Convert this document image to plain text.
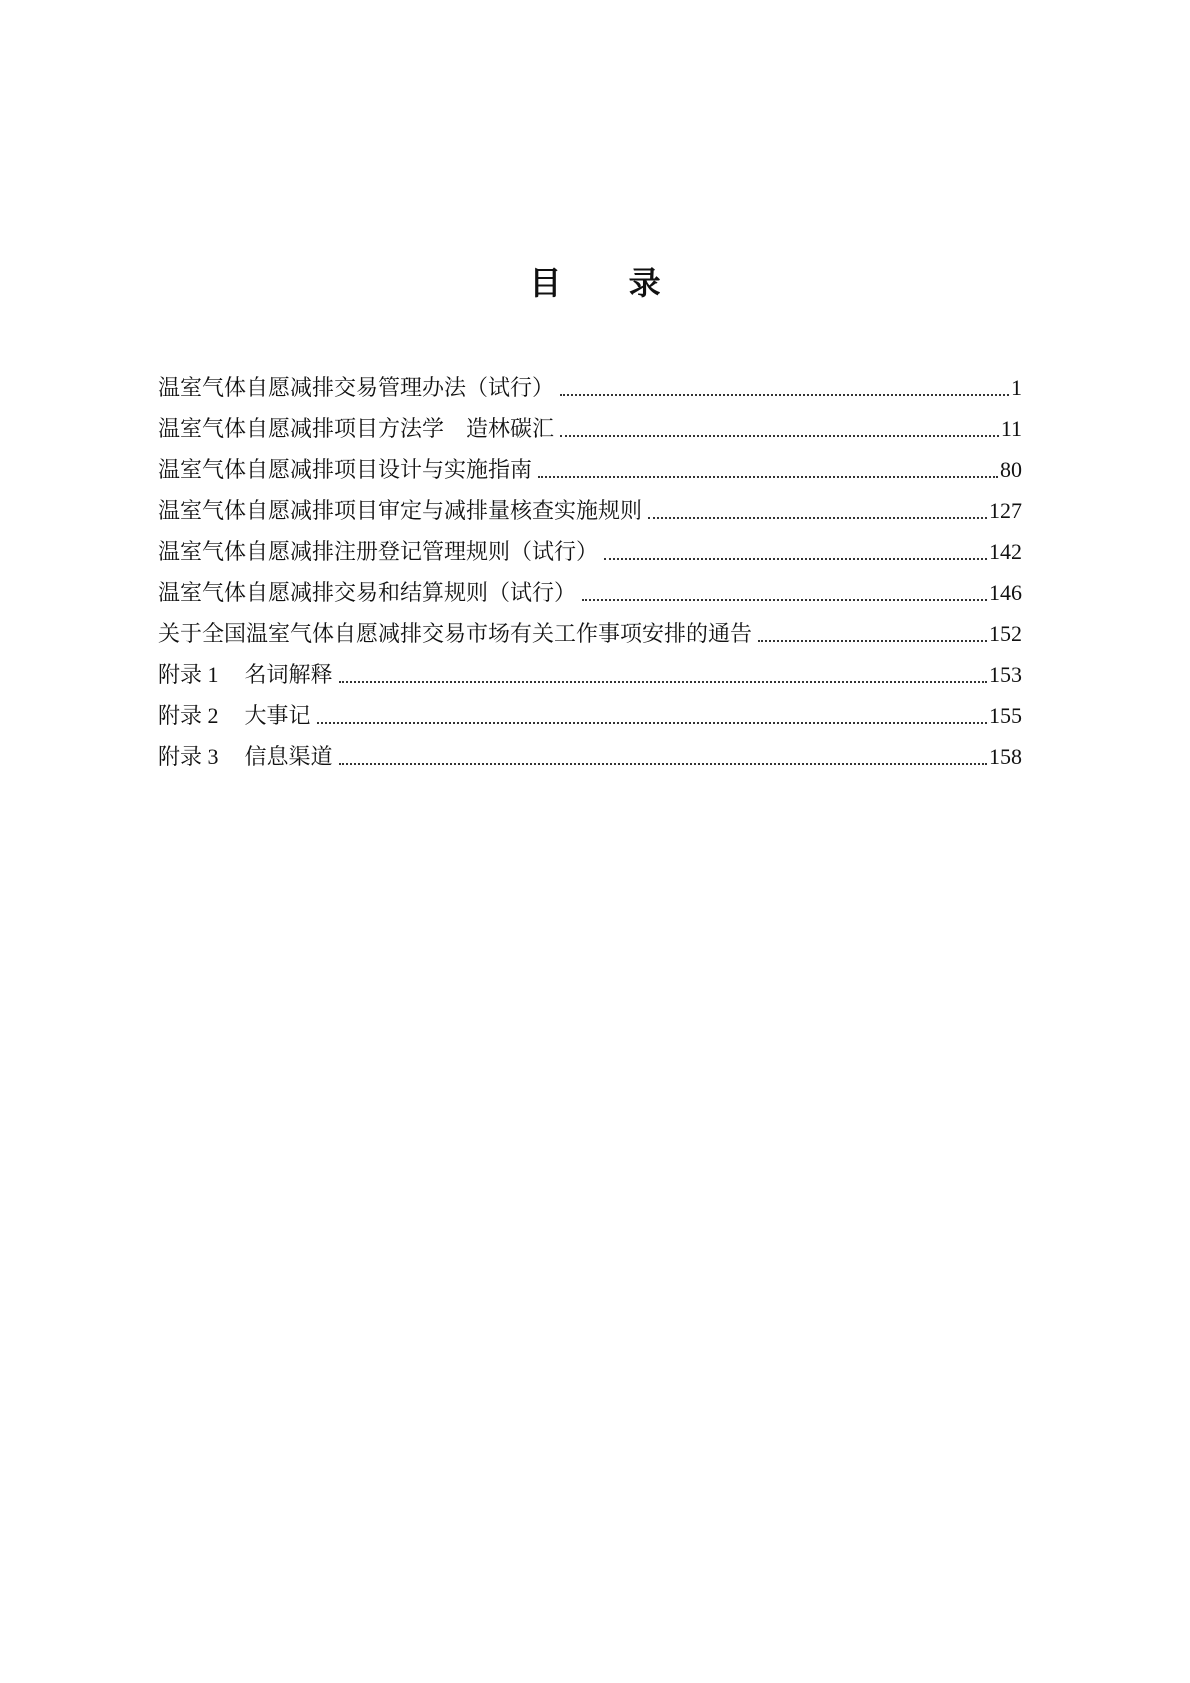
目 录
温室气体自愿减排交易管理办法（试行）	1
温室气体自愿减排项目方法学　造林碳汇	11
温室气体自愿减排项目设计与实施指南	80
温室气体自愿减排项目审定与减排量核查实施规则	127
温室气体自愿减排注册登记管理规则（试行）	142
温室气体自愿减排交易和结算规则（试行）	146
关于全国温室气体自愿减排交易市场有关工作事项安排的通告	152
附录 1 名词解释	153
附录 2 大事记	155
附录 3 信息渠道	158
